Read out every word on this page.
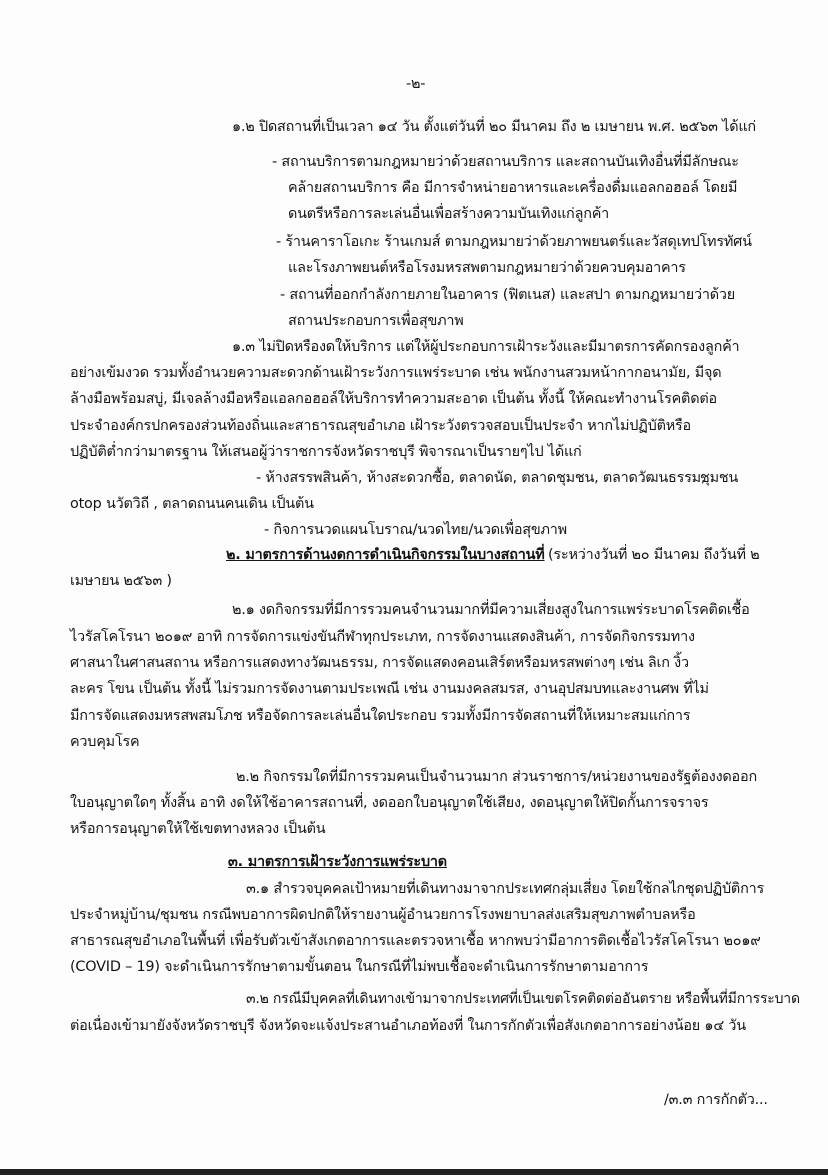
-๒-
๑.๒ ปิดสถานที่เป็นเวลา ๑๔ วัน ตั้งแต่วันที่ ๒๐ มีนาคม ถึง ๒ เมษายน พ.ศ. ๒๕๖๓ ได้แก่
- สถานบริการตามกฎหมายว่าด้วยสถานบริการ และสถานบันเทิงอื่นที่มีลักษณะ
คล้ายสถานบริการ คือ มีการจำหน่ายอาหารและเครื่องดื่มแอลกอฮอล์ โดยมี
ดนตรีหรือการละเล่นอื่นเพื่อสร้างความบันเทิงแก่ลูกค้า
- ร้านคาราโอเกะ ร้านเกมส์ ตามกฎหมายว่าด้วยภาพยนตร์และวัสดุเทปโทรทัศน์
และโรงภาพยนต์หรือโรงมหรสพตามกฎหมายว่าด้วยควบคุมอาคาร
- สถานที่ออกกำลังกายภายในอาคาร (ฟิตเนส) และสปา ตามกฎหมายว่าด้วย
สถานประกอบการเพื่อสุขภาพ
๑.๓ ไม่ปิดหรืองดให้บริการ แต่ให้ผู้ประกอบการเฝ้าระวังและมีมาตรการคัดกรองลูกค้า
อย่างเข้มงวด รวมทั้งอำนวยความสะดวกด้านเฝ้าระวังการแพร่ระบาด เช่น พนักงานสวมหน้ากากอนามัย, มีจุด
ล้างมือพร้อมสบู่, มีเจลล้างมือหรือแอลกอฮอล์ให้บริการทำความสะอาด เป็นต้น ทั้งนี้ ให้คณะทำงานโรคติดต่อ
ประจำองค์กรปกครองส่วนท้องถิ่นและสาธารณสุขอำเภอ เฝ้าระวังตรวจสอบเป็นประจำ หากไม่ปฏิบัติหรือ
ปฏิบัติต่ำกว่ามาตรฐาน ให้เสนอผู้ว่าราชการจังหวัดราชบุรี พิจารณาเป็นรายๆไป ได้แก่
- ห้างสรรพสินค้า, ห้างสะดวกซื้อ, ตลาดนัด, ตลาดชุมชน, ตลาดวัฒนธรรม,
ชุมชน
otop นวัตวิถี , ตลาดถนนคนเดิน เป็นต้น
- กิจการนวดแผนโบราณ/นวดไทย/นวดเพื่อสุขภาพ
๒. มาตรการด้านงดการดำเนินกิจกรรมในบางสถานที่ (ระหว่างวันที่ ๒๐ มีนาคม ถึงวันที่ ๒
เมษายน ๒๕๖๓ )
๒.๑ งดกิจกรรมที่มีการรวมคนจำนวนมากที่มีความเสี่ยงสูงในการแพร่ระบาดโรคติดเชื้อ
ไวรัสโคโรนา ๒๐๑๙ อาทิ การจัดการแข่งขันกีฬาทุกประเภท, การจัดงานแสดงสินค้า, การจัดกิจกรรมทาง
ศาสนาในศาสนสถาน หรือการแสดงทางวัฒนธรรม, การจัดแสดงคอนเสิร์ตหรือมหรสพต่างๆ เช่น ลิเก งิ้ว
ละคร โขน เป็นต้น ทั้งนี้ ไม่รวมการจัดงานตามประเพณี เช่น งานมงคลสมรส, งานอุปสมบทและงานศพ ที่ไม่
มีการจัดแสดงมหรสพสมโภช หรือจัดการละเล่นอื่นใดประกอบ รวมทั้งมีการจัดสถานที่ให้เหมาะสมแก่การ
ควบคุมโรค
๒.๒ กิจกรรมใดที่มีการรวมคนเป็นจำนวนมาก ส่วนราชการ/หน่วยงานของรัฐต้องงดออก
ใบอนุญาตใดๆ ทั้งสิ้น อาทิ งดให้ใช้อาคารสถานที่, งดออกใบอนุญาตใช้เสียง, งดอนุญาตให้ปิดกั้นการจราจร
หรือการอนุญาตให้ใช้เขตทางหลวง เป็นต้น
๓. มาตรการเฝ้าระวังการแพร่ระบาด
๓.๑ สำรวจบุคคลเป้าหมายที่เดินทางมาจากประเทศกลุ่มเสี่ยง โดยใช้กลไกชุดปฏิบัติการ
ประจำหมู่บ้าน/ชุมชน กรณีพบอาการผิดปกติให้รายงานผู้อำนวยการโรงพยาบาลส่งเสริมสุขภาพตำบลหรือ
สาธารณสุขอำเภอในพื้นที่ เพื่อรับตัวเข้าสังเกตอาการและตรวจหาเชื้อ หากพบว่ามีอาการติดเชื้อไวรัสโคโรนา ๒๐๑๙
(COVID – 19) จะดำเนินการรักษาตามขั้นตอน ในกรณีที่ไม่พบเชื้อจะดำเนินการรักษาตามอาการ
๓.๒ กรณีมีบุคคลที่เดินทางเข้ามาจากประเทศที่เป็นเขตโรคติดต่ออันตราย หรือพื้นที่มีการระบาด
ต่อเนื่องเข้ามายังจังหวัดราชบุรี จังหวัดจะแจ้งประสานอำเภอท้องที่ ในการกักตัวเพื่อสังเกตอาการอย่างน้อย ๑๔ วัน
/๓.๓ การกักตัว...
